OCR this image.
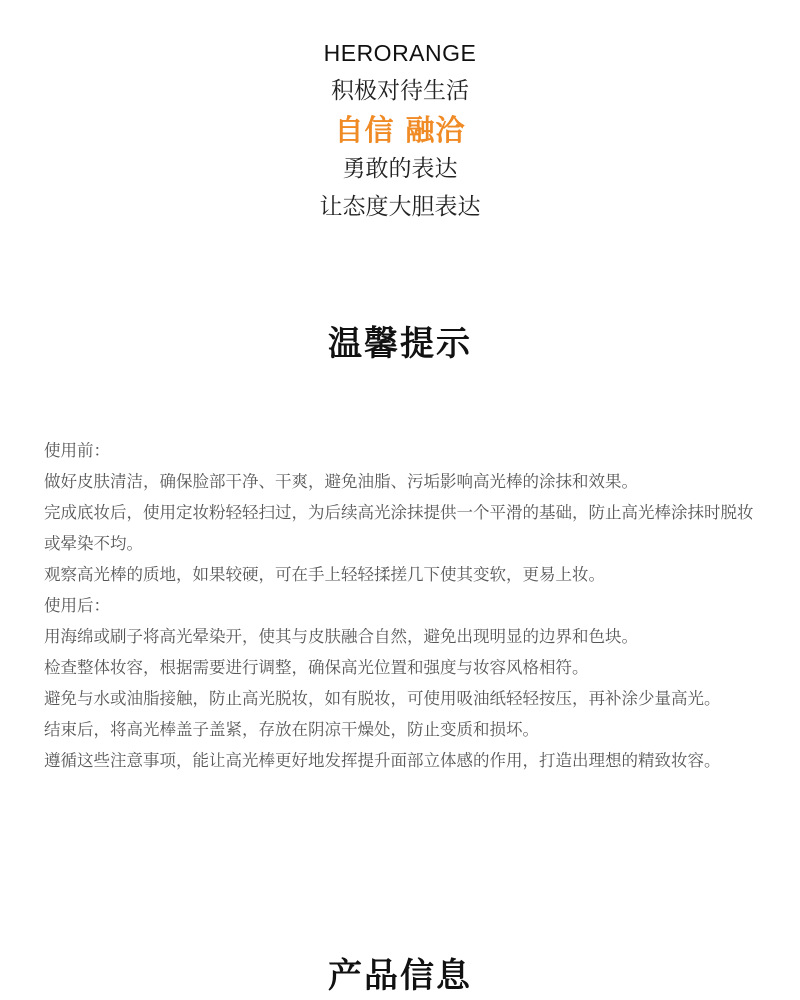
HERORANGE
积极对待生活
自信 融洽
勇敢的表达
让态度大胆表达
温馨提示

使用前：

做好皮肤清洁，确保脸部干净、干爽，避免油脂、污垢影响高光棒的涂抹和效果。

完成底妆后，使用定妆粉轻轻扫过，为后续高光涂抹提供一个平滑的基础，防止高光棒涂抹时脱妆或晕染不均。

观察高光棒的质地，如果较硬，可在手上轻轻揉搓几下使其变软，更易上妆。

使用后：

用海绵或刷子将高光晕染开，使其与皮肤融合自然，避免出现明显的边界和色块。

检查整体妆容，根据需要进行调整，确保高光位置和强度与妆容风格相符。

避免与水或油脂接触，防止高光脱妆，如有脱妆，可使用吸油纸轻轻按压，再补涂少量高光。

结束后，将高光棒盖子盖紧，存放在阴凉干燥处，防止变质和损坏。

遵循这些注意事项，能让高光棒更好地发挥提升面部立体感的作用，打造出理想的精致妆容。

产品信息
